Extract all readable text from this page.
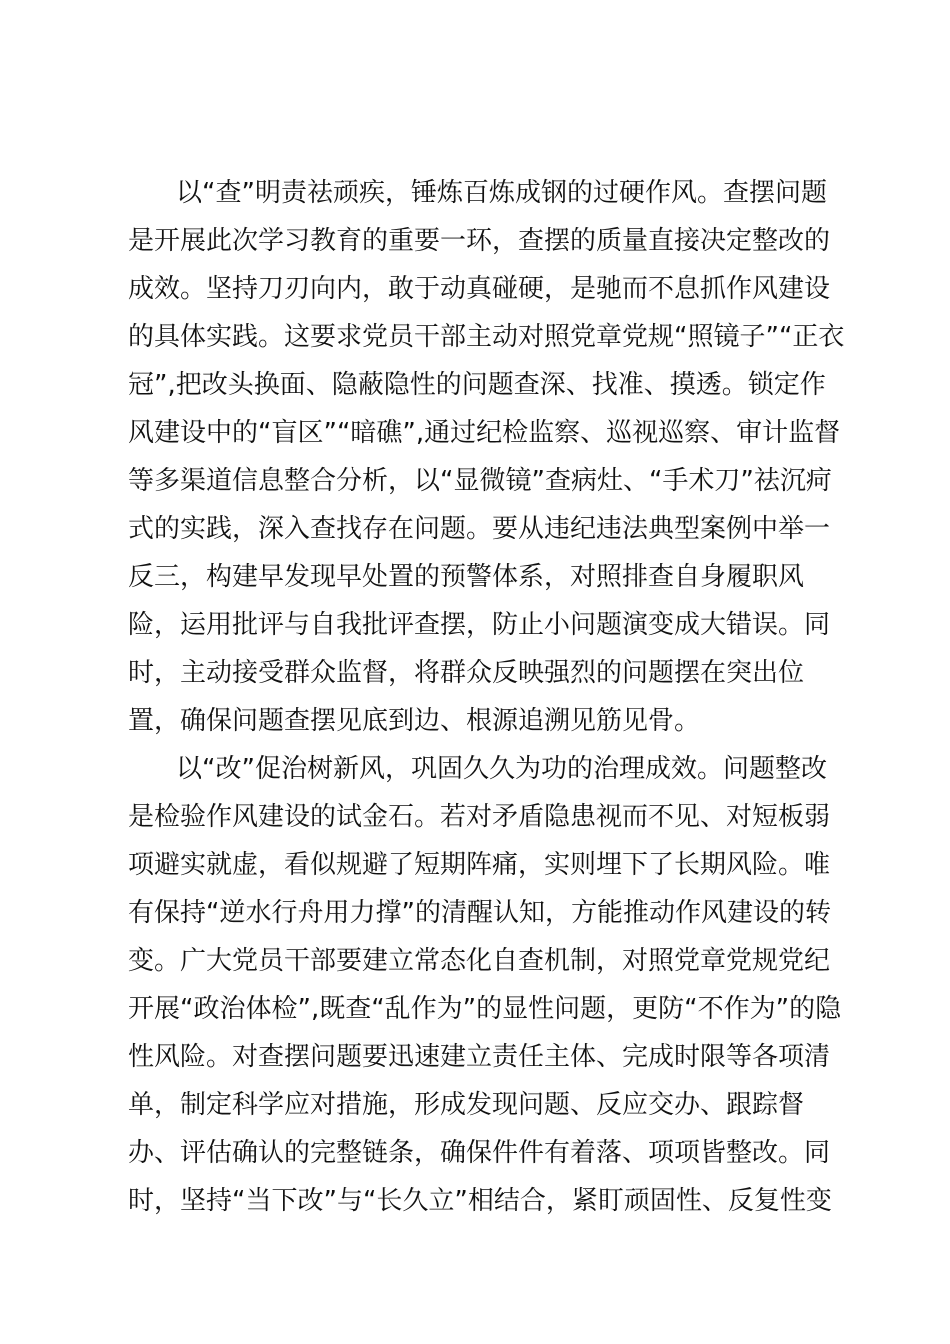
以“查”明责祛顽疾，锤炼百炼成钢的过硬作风。查摆问题
是开展此次学习教育的重要一环，查摆的质量直接决定整改的
成效。坚持刀刃向内，敢于动真碰硬，是驰而不息抓作风建设
的具体实践。这要求党员干部主动对照党章党规“照镜子”“正衣
冠”,把改头换面、隐蔽隐性的问题查深、找准、摸透。锁定作
风建设中的“盲区”“暗礁”,通过纪检监察、巡视巡察、审计监督
等多渠道信息整合分析，以“显微镜”查病灶、“手术刀”祛沉疴
式的实践，深入查找存在问题。要从违纪违法典型案例中举一
反三，构建早发现早处置的预警体系，对照排查自身履职风
险，运用批评与自我批评查摆，防止小问题演变成大错误。同
时，主动接受群众监督，将群众反映强烈的问题摆在突出位
置，确保问题查摆见底到边、根源追溯见筋见骨。
以“改”促治树新风，巩固久久为功的治理成效。问题整改
是检验作风建设的试金石。若对矛盾隐患视而不见、对短板弱
项避实就虚，看似规避了短期阵痛，实则埋下了长期风险。唯
有保持“逆水行舟用力撑”的清醒认知，方能推动作风建设的转
变。广大党员干部要建立常态化自查机制，对照党章党规党纪
开展“政治体检”,既查“乱作为”的显性问题，更防“不作为”的隐
性风险。对查摆问题要迅速建立责任主体、完成时限等各项清
单，制定科学应对措施，形成发现问题、反应交办、跟踪督
办、评估确认的完整链条，确保件件有着落、项项皆整改。同
时，坚持“当下改”与“长久立”相结合，紧盯顽固性、反复性变
